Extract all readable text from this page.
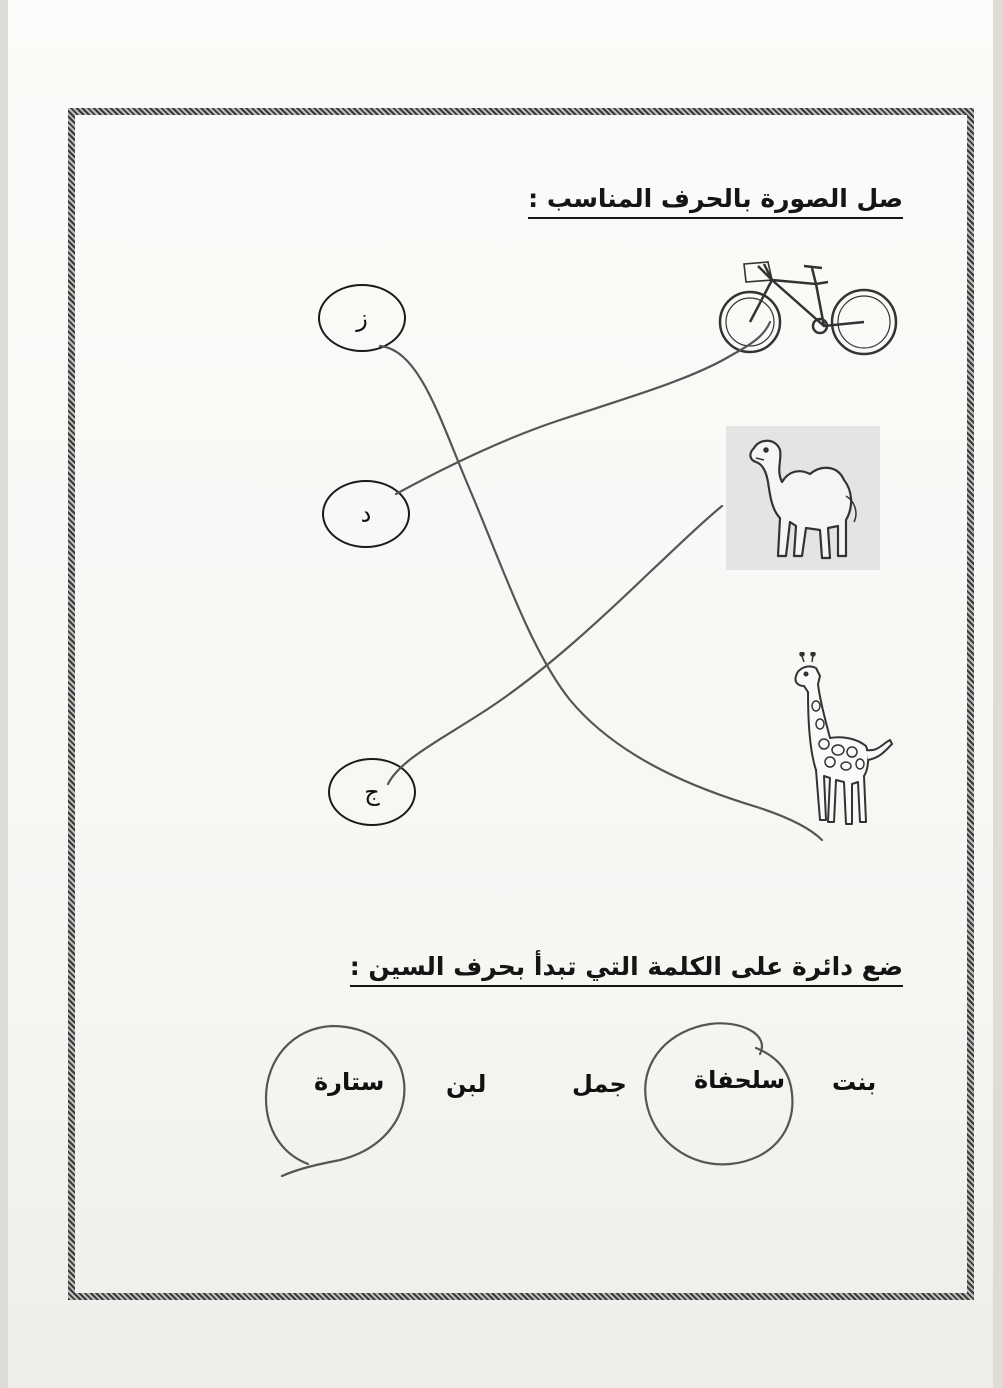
صل الصورة بالحرف المناسب :
ز
د
ج
ضع دائرة على الكلمة التي تبدأ بحرف السين :
بنت
سلحفاة
جمل
لبن
ستارة
